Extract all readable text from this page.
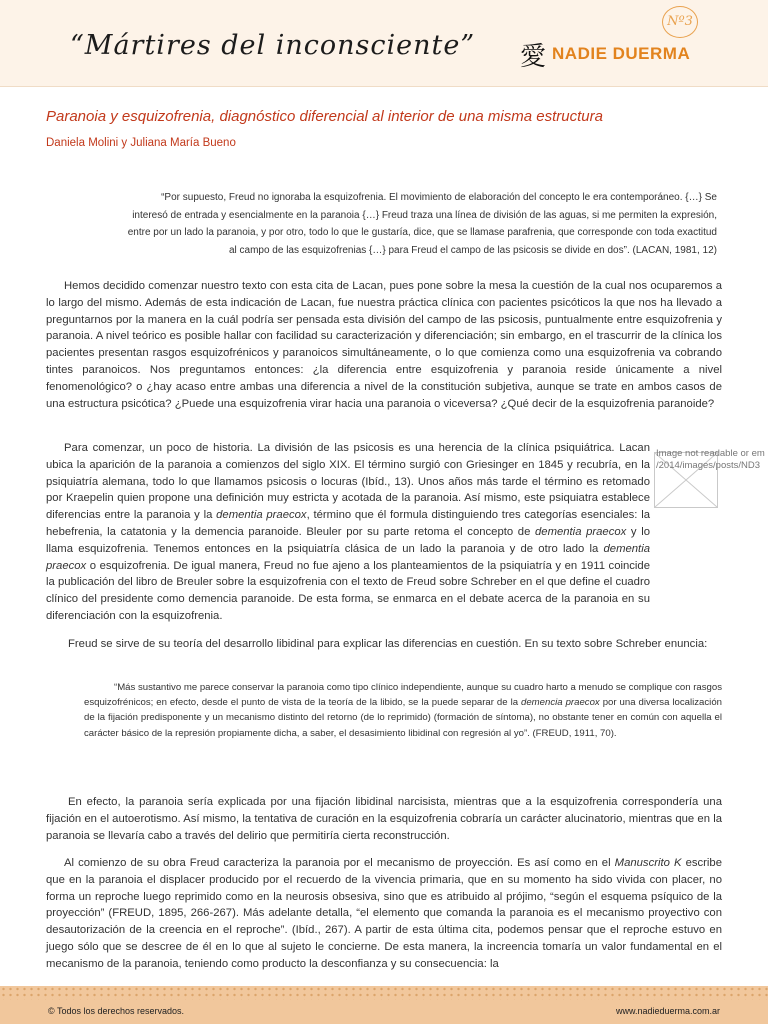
Nº3
“Mártires del inconsciente” 愛 NADIE DUERMA
Paranoia y esquizofrenia, diagnóstico diferencial al interior de una misma estructura
Daniela Molini y Juliana María Bueno
“Por supuesto, Freud no ignoraba la esquizofrenia. El movimiento de elaboración del concepto le era contemporáneo. {…} Se
interesó de entrada y esencialmente en la paranoia {…} Freud traza una línea de división de las aguas, si me permiten la expresión,
entre por un lado la paranoia, y por otro, todo lo que le gustaría, dice, que se llamase parafrenia, que corresponde con toda exactitud
al campo de las esquizofrenias {…} para Freud el campo de las psicosis se divide en dos”. (LACAN, 1981, 12)

Hemos decidido comenzar nuestro texto con esta cita de Lacan, pues pone sobre la mesa la cuestión de la cual nos ocuparemos a lo largo del mismo. Además de esta indicación de Lacan, fue nuestra práctica clínica con pacientes psicóticos la que nos ha llevado a preguntarnos por la manera en la cuál podría ser pensada esta división del campo de las psicosis, puntualmente entre esquizofrenia y paranoia. A nivel teórico es posible hallar con facilidad su caracterización y diferenciación; sin embargo, en el trascurrir de la clínica los pacientes presentan rasgos esquizofrénicos y paranoicos simultáneamente, o lo que comienza como una esquizofrenia va cobrando tintes paranoicos. Nos preguntamos entonces: ¿la diferencia entre esquizofrenia y paranoia reside únicamente a nivel fenomenológico? o ¿hay acaso entre ambas una diferencia a nivel de la constitución subjetiva, aunque se trate en ambos casos de una estructura psicótica? ¿Puede una esquizofrenia virar hacia una paranoia o viceversa? ¿Qué decir de la esquizofrenia paranoide?

Para comenzar, un poco de historia. La división de las psicosis es una herencia de la clínica psiquiátrica. Lacan ubica la aparición de la paranoia a comienzos del siglo XIX. El término surgió con Griesinger en 1845 y recubría, en la psiquiatría alemana, todo lo que llamamos psicosis o locuras (Ibíd., 13). Unos años más tarde el término es retomado por Kraepelin quien propone una definición muy estricta y acotada de la paranoia. Así mismo, este psiquiatra establece diferencias entre la paranoia y la dementia praecox, término que él formula distinguiendo tres categorías esenciales: la hebefrenia, la catatonia y la demencia paranoide. Bleuler por su parte retoma el concepto de dementia praecox y lo llama esquizofrenia. Tenemos entonces en la psiquiatría clásica de un lado la paranoia y de otro lado la dementia praecox o esquizofrenia. De igual manera, Freud no fue ajeno a los planteamientos de la psiquiatría y en 1911 coincide la publicación del libro de Breuler sobre la esquizofrenia con el texto de Freud sobre Schreber en el que define el cuadro clínico del presidente como demencia paranoide. De esta forma, se enmarca en el debate acerca de la paranoia en su diferenciación con la esquizofrenia.

Image not readable or em
/2014/images/posts/ND3

Freud se sirve de su teoría del desarrollo libidinal para explicar las diferencias en cuestión. En su texto sobre Schreber enuncia:

“Más sustantivo me parece conservar la paranoia como tipo clínico independiente, aunque su cuadro harto a menudo se complique con rasgos esquizofrénicos; en efecto, desde el punto de vista de la teoría de la libido, se la puede separar de la demencia praecox por una diversa localización de la fijación predisponente y un mecanismo distinto del retorno (de lo reprimido) (formación de síntoma), no obstante tener en común con aquella el carácter básico de la represión propiamente dicha, a saber, el desasimiento libidinal con regresión al yo”. (FREUD, 1911, 70).

En efecto, la paranoia sería explicada por una fijación libidinal narcisista, mientras que a la esquizofrenia correspondería una fijación en el autoerotismo. Así mismo, la tentativa de curación en la esquizofrenia cobraría un carácter alucinatorio, mientras que en la paranoia se llevaría cabo a través del delirio que permitiría cierta reconstrucción.

Al comienzo de su obra Freud caracteriza la paranoia por el mecanismo de proyección. Es así como en el Manuscrito K escribe que en la paranoia el displacer producido por el recuerdo de la vivencia primaria, que en su momento ha sido vivida con placer, no forma un reproche luego reprimido como en la neurosis obsesiva, sino que es atribuido al prójimo, “según el esquema psíquico de la proyección” (FREUD, 1895, 266-267). Más adelante detalla, “el elemento que comanda la paranoia es el mecanismo proyectivo con desautorización de la creencia en el reproche”. (Ibíd., 267). A partir de esta última cita, podemos pensar que el reproche estuvo en juego sólo que se descree de él en lo que al sujeto le concierne. De esta manera, la increencia tomaría un valor fundamental en el mecanismo de la paranoia, teniendo como producto la desconfianza y su consecuencia: la

© Todos los derechos reservados.	www.nadieduerma.com.ar
